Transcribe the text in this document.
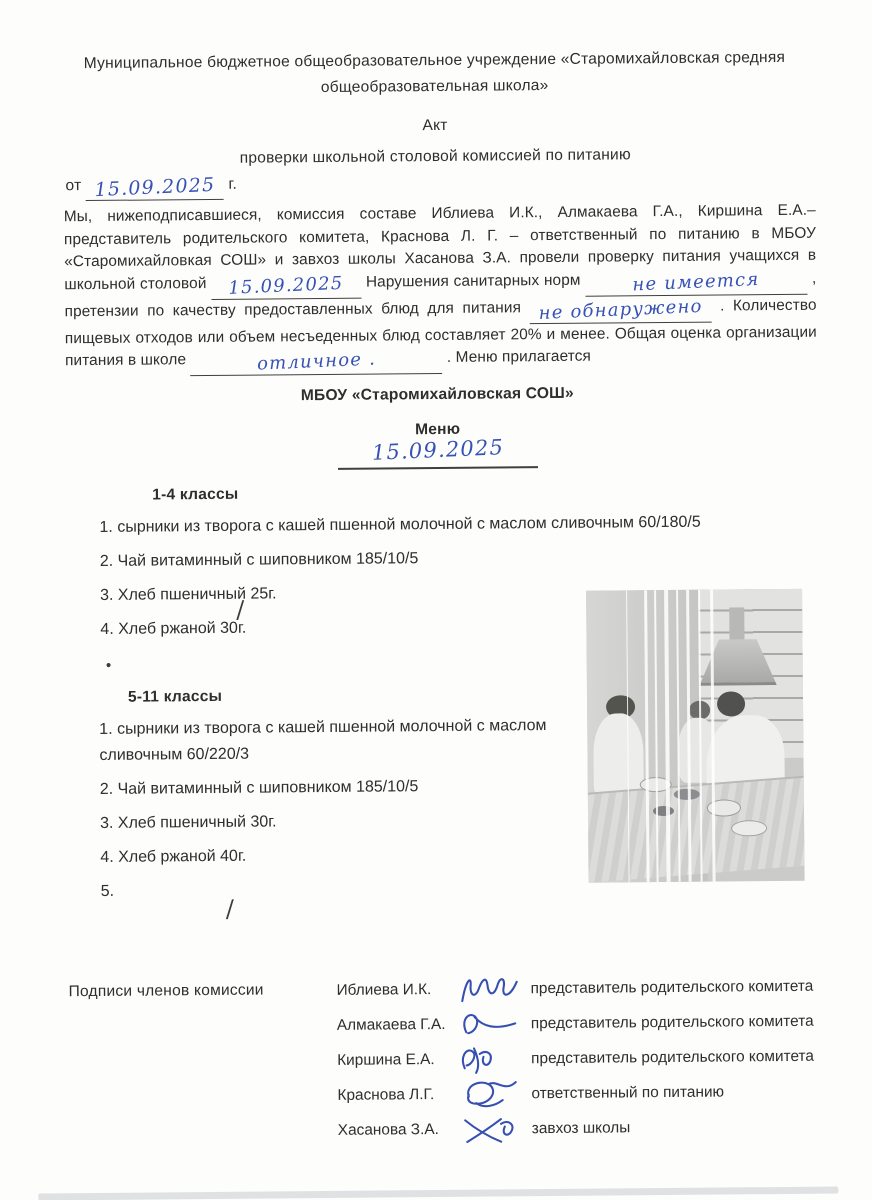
Муниципальное бюджетное общеобразовательное учреждение «Старомихайловская средняя
общеобразовательная школа»
Акт
проверки школьной столовой комиссией по питанию
от 15.09.2025 г.
Мы, нижеподписавшиеся, комиссия составе Иблиева И.К., Алмакаева Г.А., Киршина Е.А.– представитель родительского комитета, Краснова Л. Г. – ответственный по питанию в МБОУ «Старомихайловкая СОШ» и завхоз школы Хасанова З.А. провели проверку питания учащихся в школьной столовой 15.09.2025 Нарушения санитарных норм	не имеется	, претензии по качеству предоставленных блюд для питания не обнаружено . Количество пищевых отходов или объем несъеденных блюд составляет 20% и менее. Общая оценка организации питания в школе	отличное .	. Меню прилагается
МБОУ «Старомихайловская СОШ»
Меню
15.09.2025
1-4 классы
1. сырники из творога с кашей пшенной молочной с маслом сливочным 60/180/5
2. Чай витаминный с шиповником 185/10/5
3. Хлеб пшеничный 25г.
4. Хлеб ржаной 30г.
/
.
5-11 классы
1. сырники из творога с кашей пшенной молочной с маслом сливочным 60/220/3
2. Чай витаминный с шиповником 185/10/5
3. Хлеб пшеничный 30г.
4. Хлеб ржаной 40г.
5.
/
Подписи членов комиссии	Иблиева И.К.	представитель родительского комитета
Алмакаева Г.А.	представитель родительского комитета
Киршина Е.А.	представитель родительского комитета
Краснова Л.Г.	ответственный по питанию
Хасанова З.А.	завхоз школы
